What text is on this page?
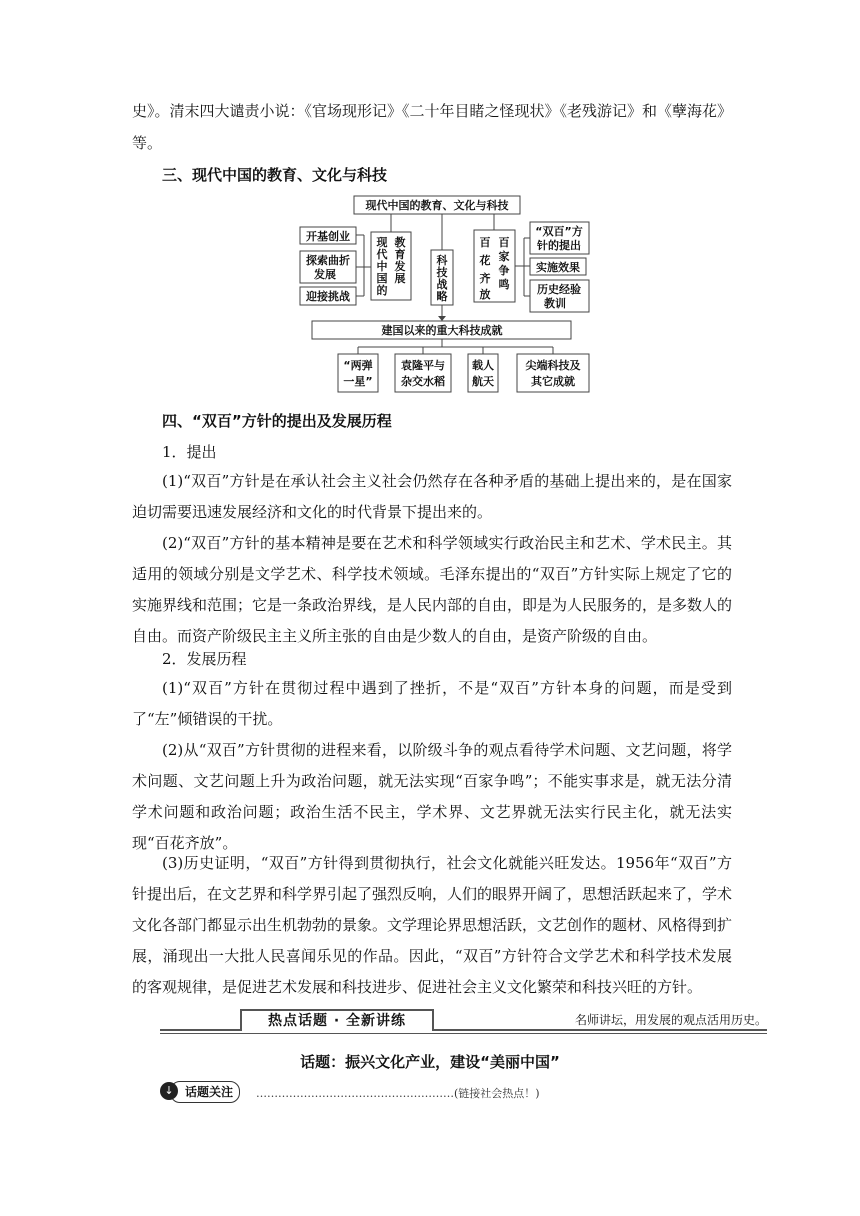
史》。清末四大谴责小说：《官场现形记》《二十年目睹之怪现状》《老残游记》和《孽海花》
等。
三、现代中国的教育、文化与科技
现代中国的教育、文化与科技
开基创业
探索曲折
发展
迎接挑战
现
代
中
国
的
教
育
发
展
科
技
战
略
百
花
齐
放
百
家
争
鸣
“双百”方
针的提出
实施效果
历史经验
教训
建国以来的重大科技成就
“两弹
一星”
袁隆平与
杂交水稻
载人
航天
尖端科技及
其它成就
四、“双百”方针的提出及发展历程
1．提出

(1)“双百”方针是在承认社会主义社会仍然存在各种矛盾的基础上提出来的，是在国家迫切需要迅速发展经济和文化的时代背景下提出来的。

(2)“双百”方针的基本精神是要在艺术和科学领域实行政治民主和艺术、学术民主。其适用的领域分别是文学艺术、科学技术领域。毛泽东提出的“双百”方针实际上规定了它的实施界线和范围；它是一条政治界线，是人民内部的自由，即是为人民服务的，是多数人的自由。而资产阶级民主主义所主张的自由是少数人的自由，是资产阶级的自由。

2．发展历程

(1)“双百”方针在贯彻过程中遇到了挫折，不是“双百”方针本身的问题，而是受到了“左”倾错误的干扰。

(2)从“双百”方针贯彻的进程来看，以阶级斗争的观点看待学术问题、文艺问题，将学术问题、文艺问题上升为政治问题，就无法实现“百家争鸣”；不能实事求是，就无法分清学术问题和政治问题；政治生活不民主，学术界、文艺界就无法实行民主化，就无法实现“百花齐放”。

(3)历史证明，“双百”方针得到贯彻执行，社会文化就能兴旺发达。1956年“双百”方针提出后，在文艺界和科学界引起了强烈反响，人们的眼界开阔了，思想活跃起来了，学术文化各部门都显示出生机勃勃的景象。文学理论界思想活跃，文艺创作的题材、风格得到扩展，涌现出一大批人民喜闻乐见的作品。因此，“双百”方针符合文学艺术和科学技术发展的客观规律，是促进艺术发展和科技进步、促进社会主义文化繁荣和科技兴旺的方针。

热点话题 · 全新讲练	名师讲坛，用发展的观点活用历史。
话题：振兴文化产业，建设“美丽中国”
话题关注
↓	………………………………………………(链接社会热点！)
